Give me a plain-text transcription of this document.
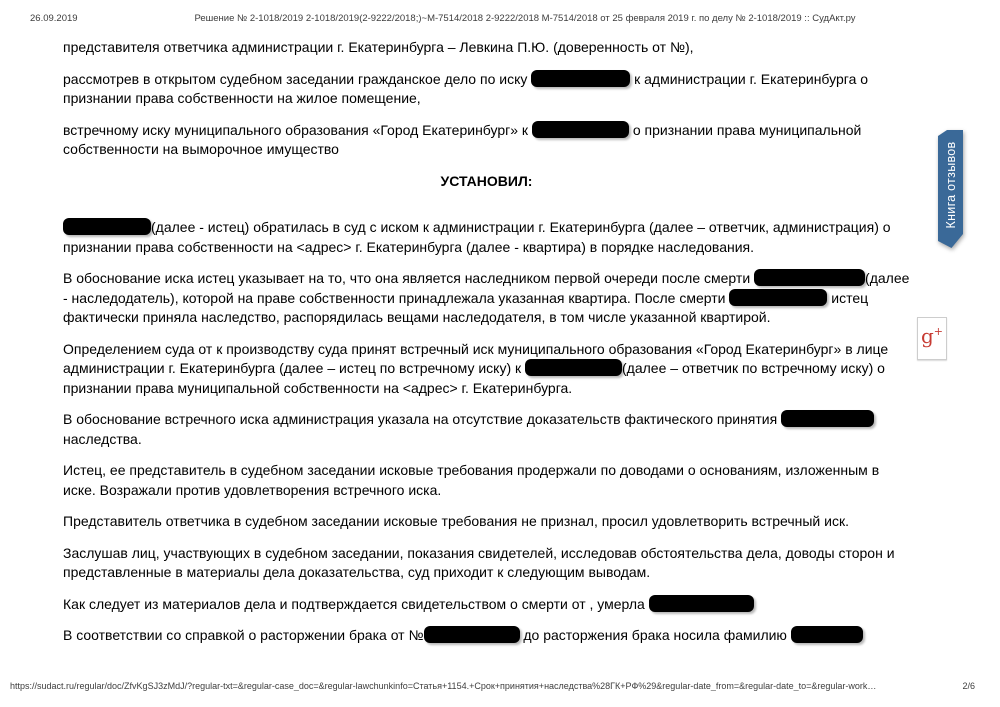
26.09.2019	Решение № 2-1018/2019 2-1018/2019(2-9222/2018;)~М-7514/2018 2-9222/2018 М-7514/2018 от 25 февраля 2019 г. по делу № 2-1018/2019 :: СудАкт.ру
представителя ответчика администрации г. Екатеринбурга – Левкина П.Ю. (доверенность от №),
рассмотрев в открытом судебном заседании гражданское дело по иску	к администрации г. Екатеринбурга о признании права собственности на жилое помещение,
встречному иску муниципального образования «Город Екатеринбург» к	о признании права муниципальной собственности на выморочное имущество
УСТАНОВИЛ:
(далее - истец) обратилась в суд с иском к администрации г. Екатеринбурга (далее – ответчик, администрация) о признании права собственности на <адрес> г. Екатеринбурга (далее - квартира) в порядке наследования.
В обоснование иска истец указывает на то, что она является наследником первой очереди после смерти	(далее - наследодатель), которой на праве собственности принадлежала указанная квартира. После смерти	истец фактически приняла наследство, распорядилась вещами наследодателя, в том числе указанной квартирой.
Определением суда от к производству суда принят встречный иск муниципального образования «Город Екатеринбург» в лице администрации г. Екатеринбурга (далее – истец по встречному иску) к	(далее – ответчик по встречному иску) о признании права муниципальной собственности на <адрес> г. Екатеринбурга.
В обоснование встречного иска администрация указала на отсутствие доказательств фактического принятия  наследства.
Истец, ее представитель в судебном заседании исковые требования продержали по доводами о основаниям, изложенным в иске. Возражали против удовлетворения встречного иска.
Представитель ответчика в судебном заседании исковые требования не признал, просил удовлетворить встречный иск.
Заслушав лиц, участвующих в судебном заседании, показания свидетелей, исследовав обстоятельства дела, доводы сторон и представленные в материалы дела доказательства, суд приходит к следующим выводам.
Как следует из материалов дела и подтверждается свидетельством о смерти от , умерла
В соответствии со справкой о расторжении брака от №	до расторжения брака носила фамилию
Книга отзывов
g+
https://sudact.ru/regular/doc/ZfvKgSJ3zMdJ/?regular-txt=&regular-case_doc=&regular-lawchunkinfo=Статья+1154.+Срок+принятия+наследства%28ГК+РФ%29&regular-date_from=&regular-date_to=&regular-work…	2/6
